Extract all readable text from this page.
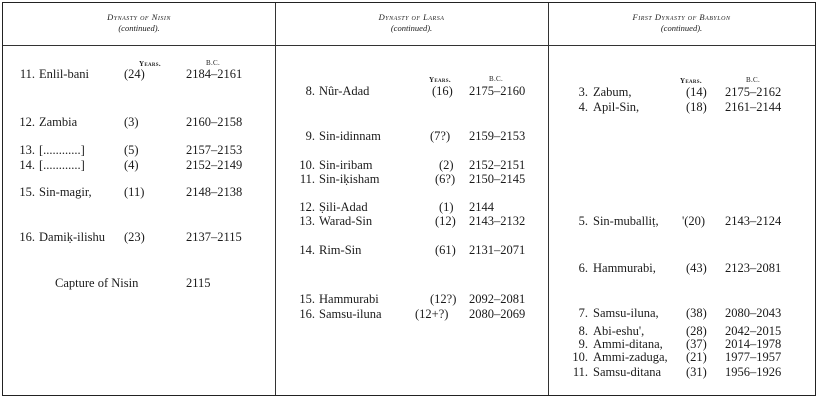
Dynasty of Nisin
(continued).
Dynasty of Larsa
(continued).
First Dynasty of Babylon
(continued).
Years.	B.C.
Years.	B.C.	Years.	B.C.
11. Enlil-bani	(24)	2184–2161
12. Zambia	(3)	2160–2158
13. [............]	(5)	2157–2153
14. [............]	(4)	2152–2149
15. Sin-magir,	(11)	2148–2138
16. Damiḳ-ilishu (23)	2137–2115
Capture of Nisin	2115
8. Nûr-Adad	(16) 2175–2160
9. Sin-idinnam	(7?) 2159–2153
10. Sin-iribam	(2) 2152–2151
11. Sin-iḳisham	(6?) 2150–2145
12. Ṣili-Adad	(1) 2144
13. Warad-Sin	(12) 2143–2132
14. Rim-Sin	(61) 2131–2071
15. Hammurabi	(12?) 2092–2081
16. Samsu-iluna	(12+?) 2080–2069
3. Zabum,	(14) 2175–2162
4. Apil-Sin,	(18) 2161–2144
5. Sin-muballiṭ, '(20) 2143–2124
6. Hammurabi, (43) 2123–2081
7. Samsu-iluna, (38) 2080–2043
8. Abi-eshu',	(28) 2042–2015
9. Ammi-ditana, (37) 2014–1978
10. Ammi-zaduga, (21) 1977–1957
11. Samsu-ditana (31) 1956–1926
